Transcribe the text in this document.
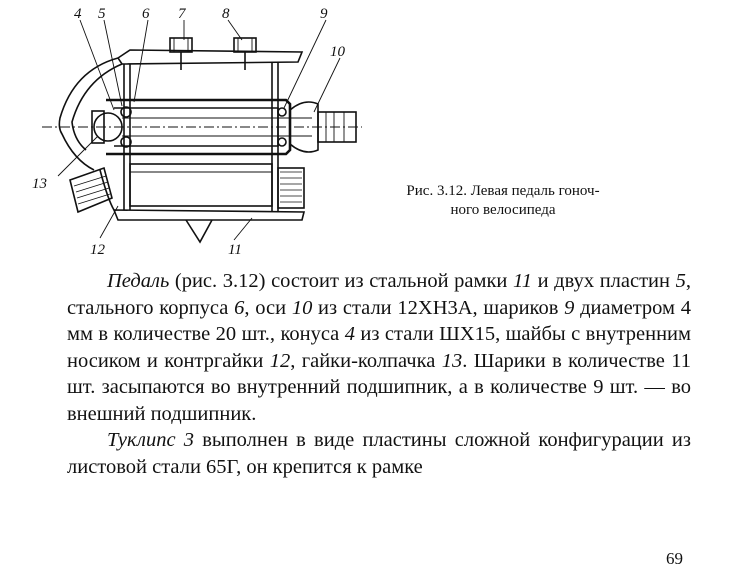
4 5 6 7 8	9
10
11
12
13	Рис. 3.12. Левая педаль гоноч-
ного велосипеда

Педаль (рис. 3.12) состоит из стальной рамки 11 и двух пластин 5, стального корпуса 6, оси 10 из стали 12ХН3А, шариков 9 диаметром 4 мм в количестве 20 шт., конуса 4 из стали ШХ15, шайбы с внутренним носиком и контргайки 12, гайки-колпачка 13. Шарики в количестве 11 шт. засыпаются во внутренний подшипник, а в количестве 9 шт. — во внешний подшипник.

Туклипс 3 выполнен в виде пластины сложной конфигурации из листовой стали 65Г, он крепится к рамке

69
